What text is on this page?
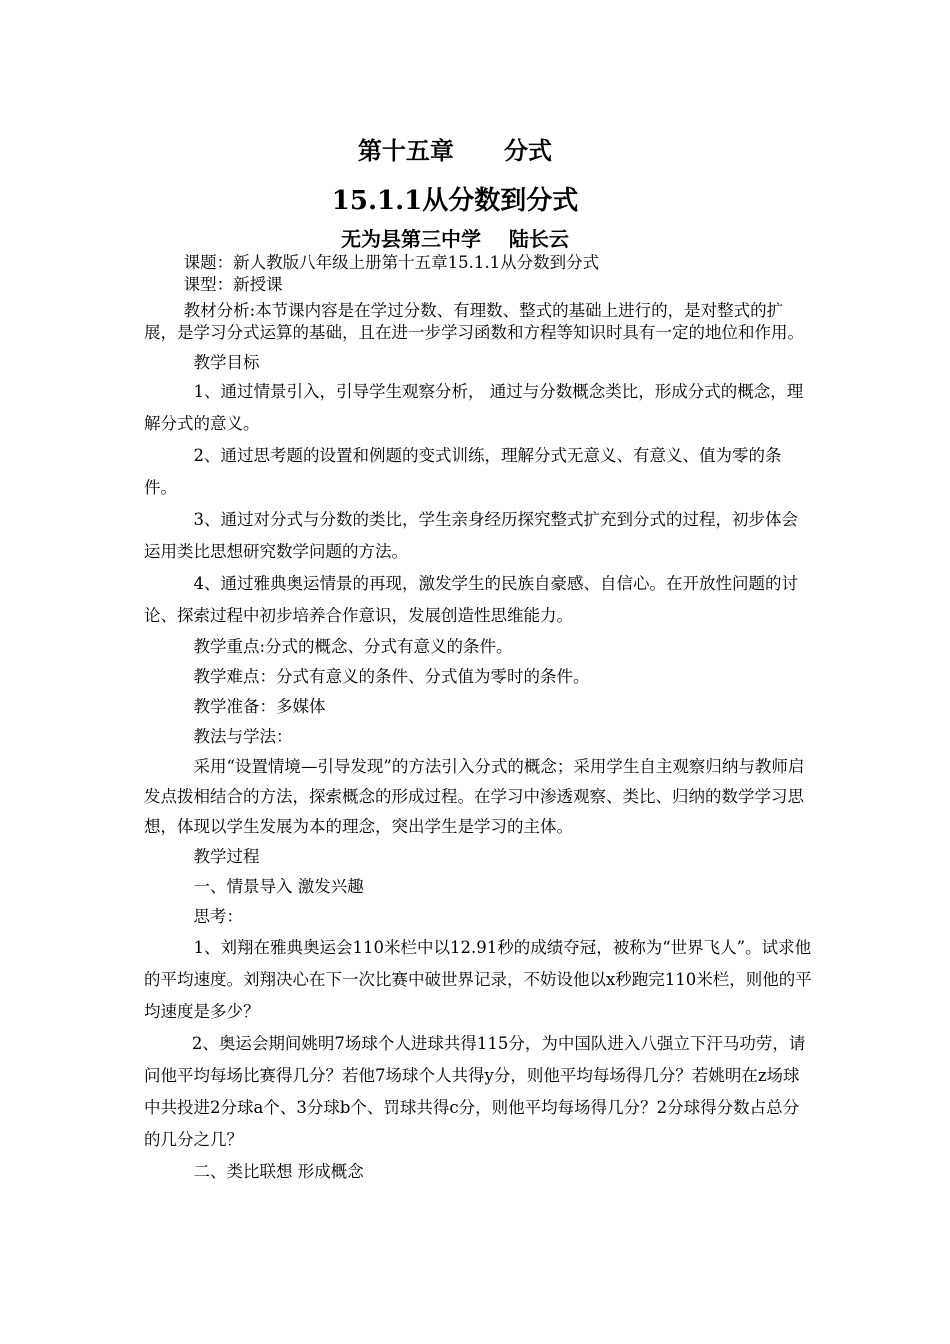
第十五章      分式
15.1.1从分数到分式
无为县第三中学    陆长云

课题：新人教版八年级上册第十五章15.1.1从分数到分式

课型：新授课

教材分析:本节课内容是在学过分数、有理数、整式的基础上进行的，是对整式的扩展，是学习分式运算的基础，且在进一步学习函数和方程等知识时具有一定的地位和作用。

教学目标

1、通过情景引入，引导学生观察分析， 通过与分数概念类比，形成分式的概念，理解分式的意义。

2、通过思考题的设置和例题的变式训练，理解分式无意义、有意义、值为零的条件。

3、通过对分式与分数的类比，学生亲身经历探究整式扩充到分式的过程，初步体会运用类比思想研究数学问题的方法。

4、通过雅典奥运情景的再现，激发学生的民族自豪感、自信心。在开放性问题的讨论、探索过程中初步培养合作意识，发展创造性思维能力。

教学重点:分式的概念、分式有意义的条件。

教学难点：分式有意义的条件、分式值为零时的条件。

教学准备：多媒体

教法与学法：

采用“设置情境—引导发现”的方法引入分式的概念；采用学生自主观察归纳与教师启发点拨相结合的方法，探索概念的形成过程。在学习中渗透观察、类比、归纳的数学学习思想，体现以学生发展为本的理念，突出学生是学习的主体。

教学过程

一、情景导入 激发兴趣

思考：

1、刘翔在雅典奥运会110米栏中以12.91秒的成绩夺冠，被称为“世界飞人”。试求他的平均速度。刘翔决心在下一次比赛中破世界记录，不妨设他以x秒跑完110米栏，则他的平均速度是多少？

2、奥运会期间姚明7场球个人进球共得115分，为中国队进入八强立下汗马功劳，请问他平均每场比赛得几分？若他7场球个人共得y分，则他平均每场得几分？若姚明在z场球中共投进2分球a个、3分球b个、罚球共得c分，则他平均每场得几分？2分球得分数占总分的几分之几？

二、类比联想 形成概念
